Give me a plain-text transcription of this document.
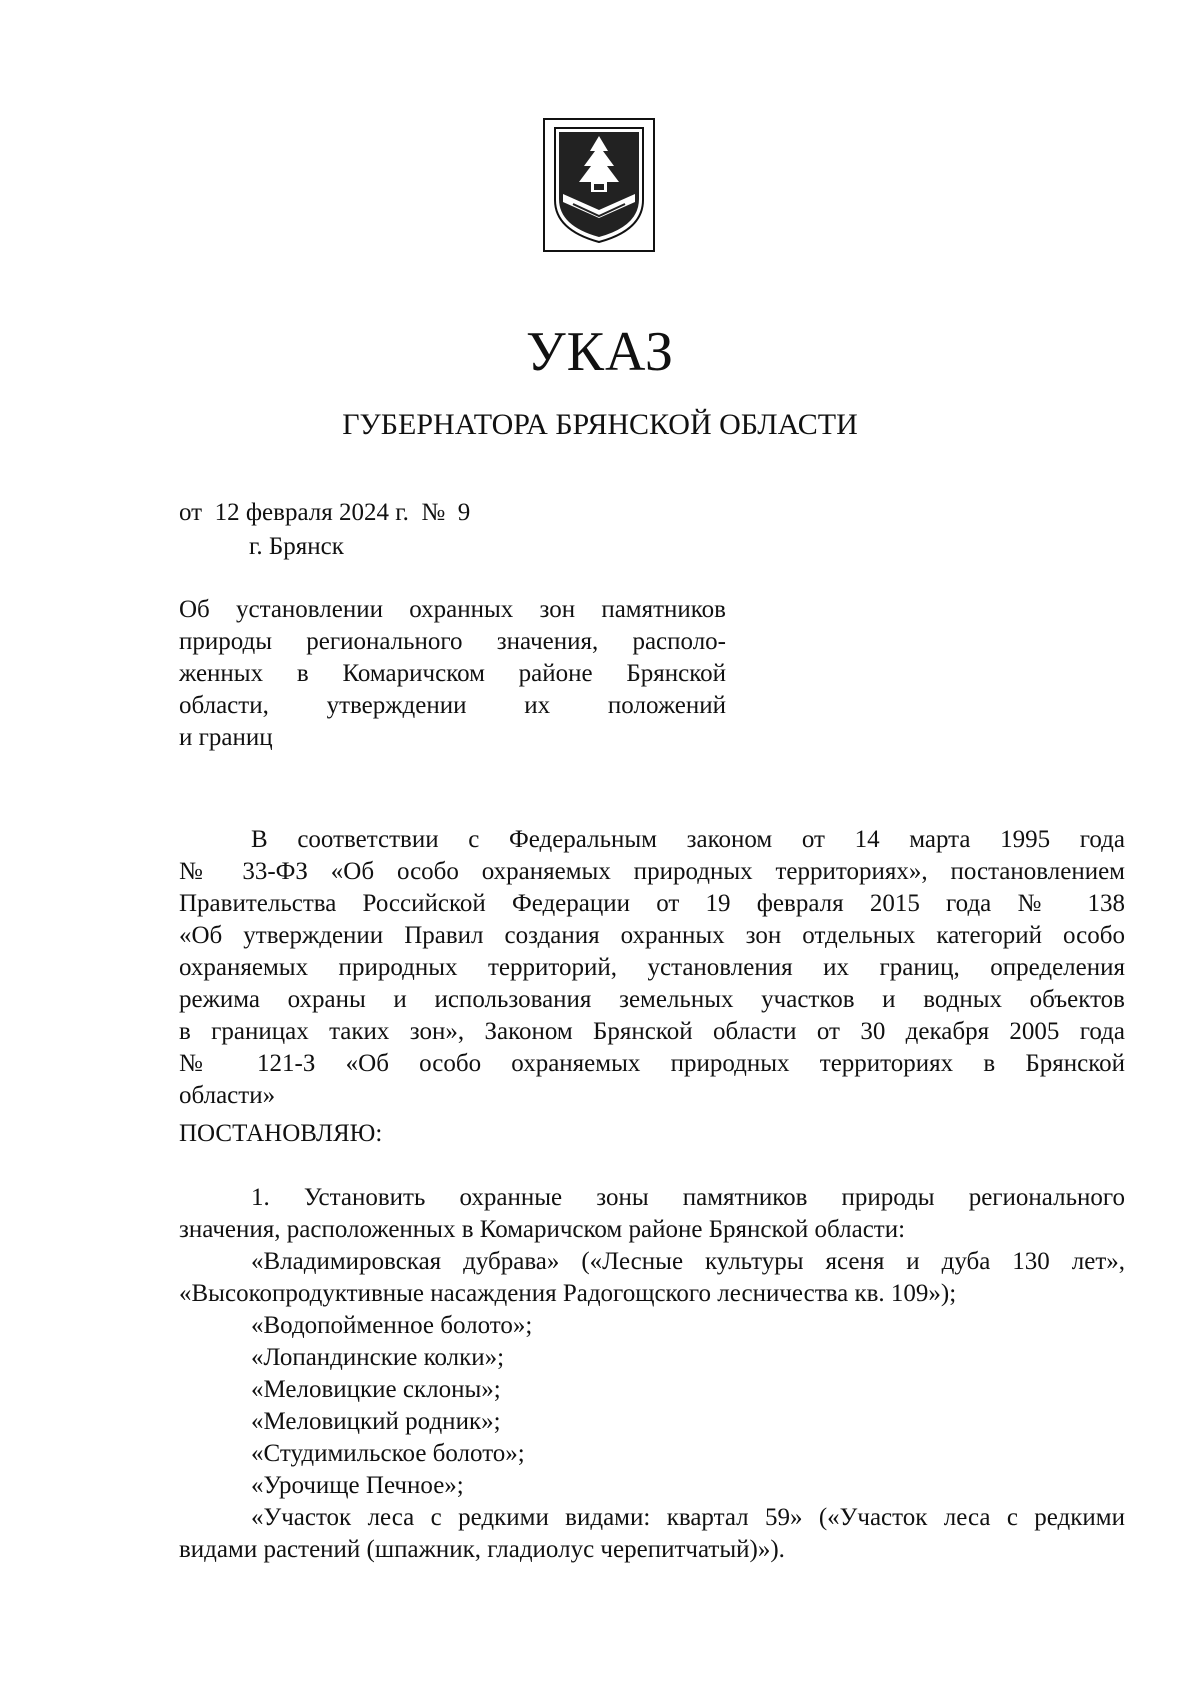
УКАЗ
ГУБЕРНАТОРА БРЯНСКОЙ ОБЛАСТИ
от  12 февраля 2024 г.  №  9
г. Брянск
Об установлении охранных зон памятников
природы регионального значения, располо-
женных в Комаричском районе Брянской
области, утверждении их положений
и границ
В соответствии с Федеральным законом от 14 марта 1995 года
№ 33-ФЗ «Об особо охраняемых природных территориях», постановлением
Правительства Российской Федерации от 19 февраля 2015 года № 138
«Об утверждении Правил создания охранных зон отдельных категорий особо
охраняемых природных территорий, установления их границ, определения
режима охраны и использования земельных участков и водных объектов
в границах таких зон», Законом Брянской области от 30 декабря 2005 года
№ 121-З «Об особо охраняемых природных территориях в Брянской
области»
ПОСТАНОВЛЯЮ:
1. Установить охранные зоны памятников природы регионального
значения, расположенных в Комаричском районе Брянской области:
«Владимировская дубрава» («Лесные культуры ясеня и дуба 130 лет»,
«Высокопродуктивные насаждения Радогощского лесничества кв. 109»);
«Водопойменное болото»;
«Лопандинские колки»;
«Меловицкие склоны»;
«Меловицкий родник»;
«Студимильское болото»;
«Урочище Печное»;
«Участок леса с редкими видами: квартал 59» («Участок леса с редкими
видами растений (шпажник, гладиолус черепитчатый)»).
